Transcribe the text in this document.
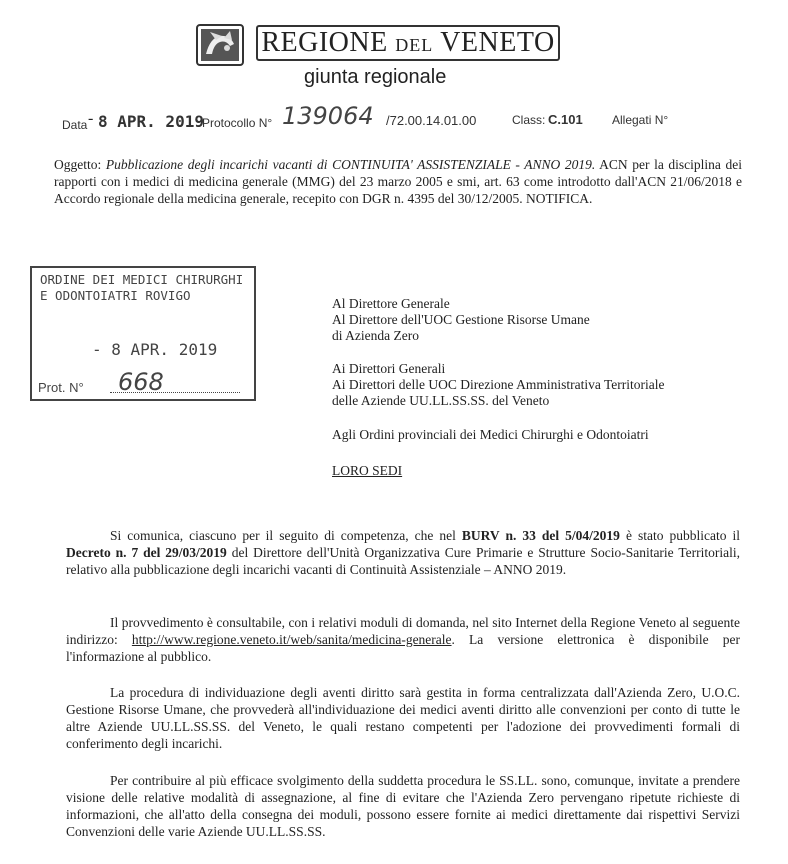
REGIONE DEL VENETO
giunta regionale
Data - 8 APR. 2019
Protocollo N° 139064 /72.00.14.01.00	Class: C.101 Allegati N°
Oggetto: Pubblicazione degli incarichi vacanti di CONTINUITA' ASSISTENZIALE - ANNO 2019. ACN per la disciplina dei rapporti con i medici di medicina generale (MMG) del 23 marzo 2005 e smi, art. 63 come introdotto dall'ACN 21/06/2018 e Accordo regionale della medicina generale, recepito con DGR n. 4395 del 30/12/2005. NOTIFICA.
ORDINE DEI MEDICI CHIRURGHI
E ODONTOIATRI ROVIGO
- 8 APR. 2019
Prot. N° 668
Al Direttore Generale
Al Direttore dell'UOC Gestione Risorse Umane
di Azienda Zero
Ai Direttori Generali
Ai Direttori delle UOC Direzione Amministrativa Territoriale
delle Aziende UU.LL.SS.SS. del Veneto
Agli Ordini provinciali dei Medici Chirurghi e Odontoiatri
LORO SEDI
Si comunica, ciascuno per il seguito di competenza, che nel BURV n. 33 del 5/04/2019 è stato pubblicato il Decreto n. 7 del 29/03/2019 del Direttore dell'Unità Organizzativa Cure Primarie e Strutture Socio-Sanitarie Territoriali, relativo alla pubblicazione degli incarichi vacanti di Continuità Assistenziale – ANNO 2019.
Il provvedimento è consultabile, con i relativi moduli di domanda, nel sito Internet della Regione Veneto al seguente indirizzo: http://www.regione.veneto.it/web/sanita/medicina-generale. La versione elettronica è disponibile per l'informazione al pubblico.
La procedura di individuazione degli aventi diritto sarà gestita in forma centralizzata dall'Azienda Zero, U.O.C. Gestione Risorse Umane, che provvederà all'individuazione dei medici aventi diritto alle convenzioni per conto di tutte le altre Aziende UU.LL.SS.SS. del Veneto, le quali restano competenti per l'adozione dei provvedimenti formali di conferimento degli incarichi.
Per contribuire al più efficace svolgimento della suddetta procedura le SS.LL. sono, comunque, invitate a prendere visione delle relative modalità di assegnazione, al fine di evitare che l'Azienda Zero pervengano ripetute richieste di informazioni, che all'atto della consegna dei moduli, possono essere fornite ai medici direttamente dai rispettivi Servizi Convenzioni delle varie Aziende UU.LL.SS.SS.
